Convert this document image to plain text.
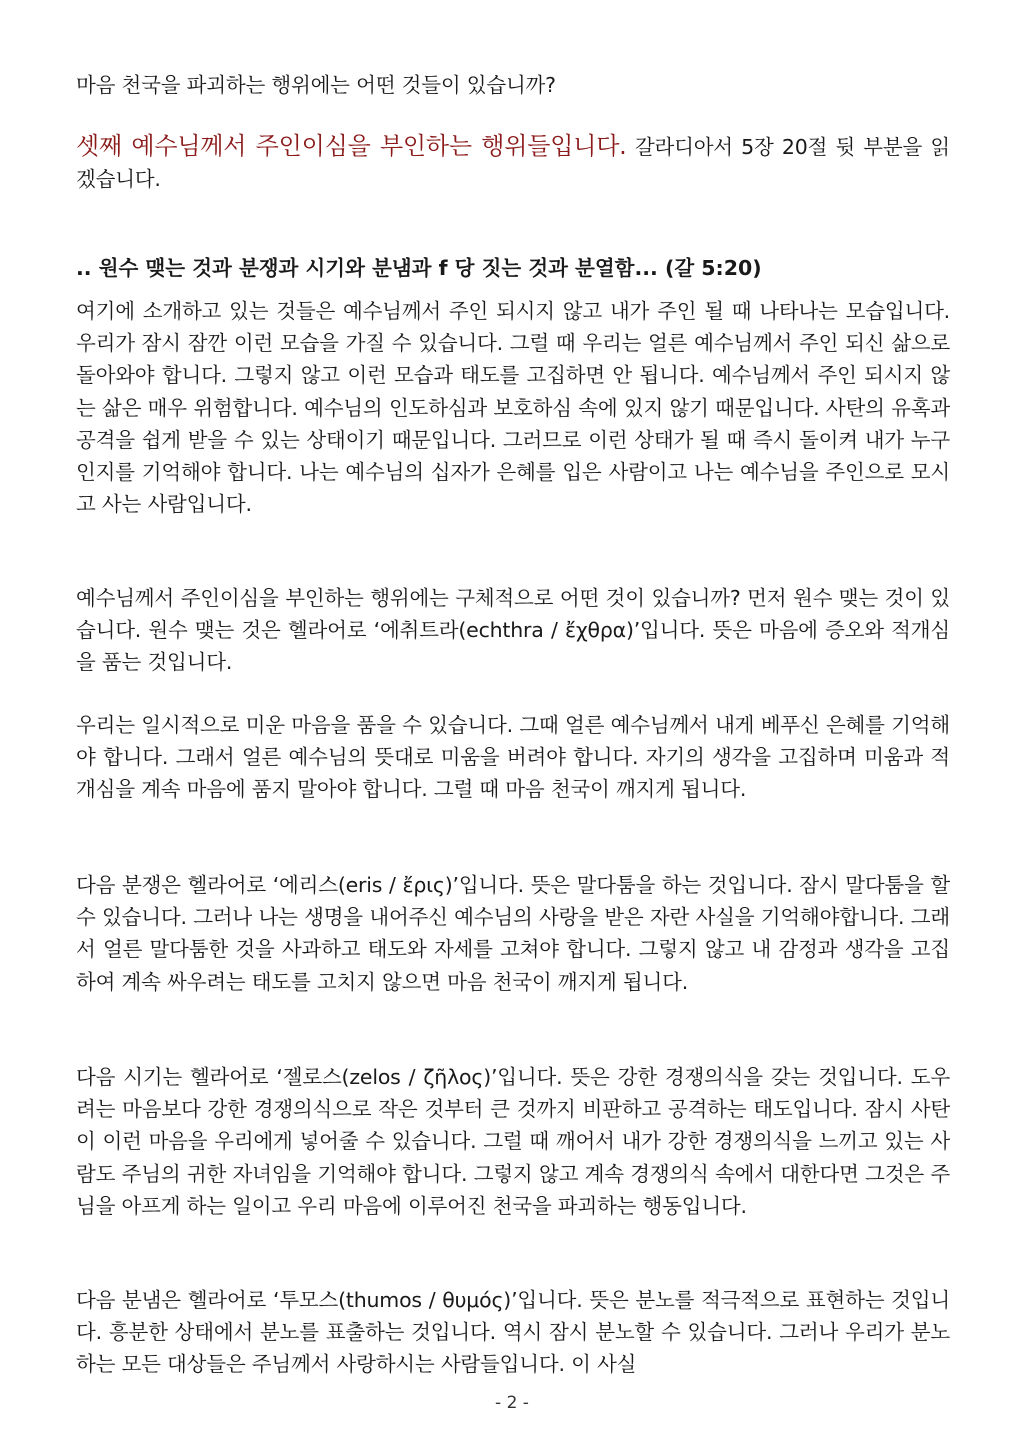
마음 천국을 파괴하는 행위에는 어떤 것들이 있습니까?

셋째 예수님께서 주인이심을 부인하는 행위들입니다. 갈라디아서 5장 20절 뒷 부분을 읽겠습니다.

.. 원수 맺는 것과 분쟁과 시기와 분냄과 f 당 짓는 것과 분열함... (갈 5:20)

여기에 소개하고 있는 것들은 예수님께서 주인 되시지 않고 내가 주인 될 때 나타나는 모습입니다. 우리가 잠시 잠깐 이런 모습을 가질 수 있습니다. 그럴 때 우리는 얼른 예수님께서 주인 되신 삶으로 돌아와야 합니다. 그렇지 않고 이런 모습과 태도를 고집하면 안 됩니다. 예수님께서 주인 되시지 않는 삶은 매우 위험합니다. 예수님의 인도하심과 보호하심 속에 있지 않기 때문입니다. 사탄의 유혹과 공격을 쉽게 받을 수 있는 상태이기 때문입니다. 그러므로 이런 상태가 될 때 즉시 돌이켜 내가 누구인지를 기억해야 합니다. 나는 예수님의 십자가 은혜를 입은 사람이고 나는 예수님을 주인으로 모시고 사는 사람입니다.

예수님께서 주인이심을 부인하는 행위에는 구체적으로 어떤 것이 있습니까? 먼저 원수 맺는 것이 있습니다. 원수 맺는 것은 헬라어로 ‘에취트라(echthra / ἔχθρα)’입니다. 뜻은 마음에 증오와 적개심을 품는 것입니다.

우리는 일시적으로 미운 마음을 품을 수 있습니다. 그때 얼른 예수님께서 내게 베푸신 은혜를 기억해야 합니다. 그래서 얼른 예수님의 뜻대로 미움을 버려야 합니다. 자기의 생각을 고집하며 미움과 적개심을 계속 마음에 품지 말아야 합니다. 그럴 때 마음 천국이 깨지게 됩니다.

다음 분쟁은 헬라어로 ‘에리스(eris / ἔρις)’입니다. 뜻은 말다툼을 하는 것입니다. 잠시 말다툼을 할 수 있습니다. 그러나 나는 생명을 내어주신 예수님의 사랑을 받은 자란 사실을 기억해야합니다. 그래서 얼른 말다툼한 것을 사과하고 태도와 자세를 고쳐야 합니다. 그렇지 않고 내 감정과 생각을 고집하여 계속 싸우려는 태도를 고치지 않으면 마음 천국이 깨지게 됩니다.

다음 시기는 헬라어로 ‘젤로스(zelos / ζῆλος)’입니다. 뜻은 강한 경쟁의식을 갖는 것입니다. 도우려는 마음보다 강한 경쟁의식으로 작은 것부터 큰 것까지 비판하고 공격하는 태도입니다. 잠시 사탄이 이런 마음을 우리에게 넣어줄 수 있습니다. 그럴 때 깨어서 내가 강한 경쟁의식을 느끼고 있는 사람도 주님의 귀한 자녀임을 기억해야 합니다. 그렇지 않고 계속 경쟁의식 속에서 대한다면 그것은 주님을 아프게 하는 일이고 우리 마음에 이루어진 천국을 파괴하는 행동입니다.

다음 분냄은 헬라어로 ‘투모스(thumos / θυμός)’입니다. 뜻은 분노를 적극적으로 표현하는 것입니다. 흥분한 상태에서 분노를 표출하는 것입니다. 역시 잠시 분노할 수 있습니다. 그러나 우리가 분노하는 모든 대상들은 주님께서 사랑하시는 사람들입니다. 이 사실

- 2 -
